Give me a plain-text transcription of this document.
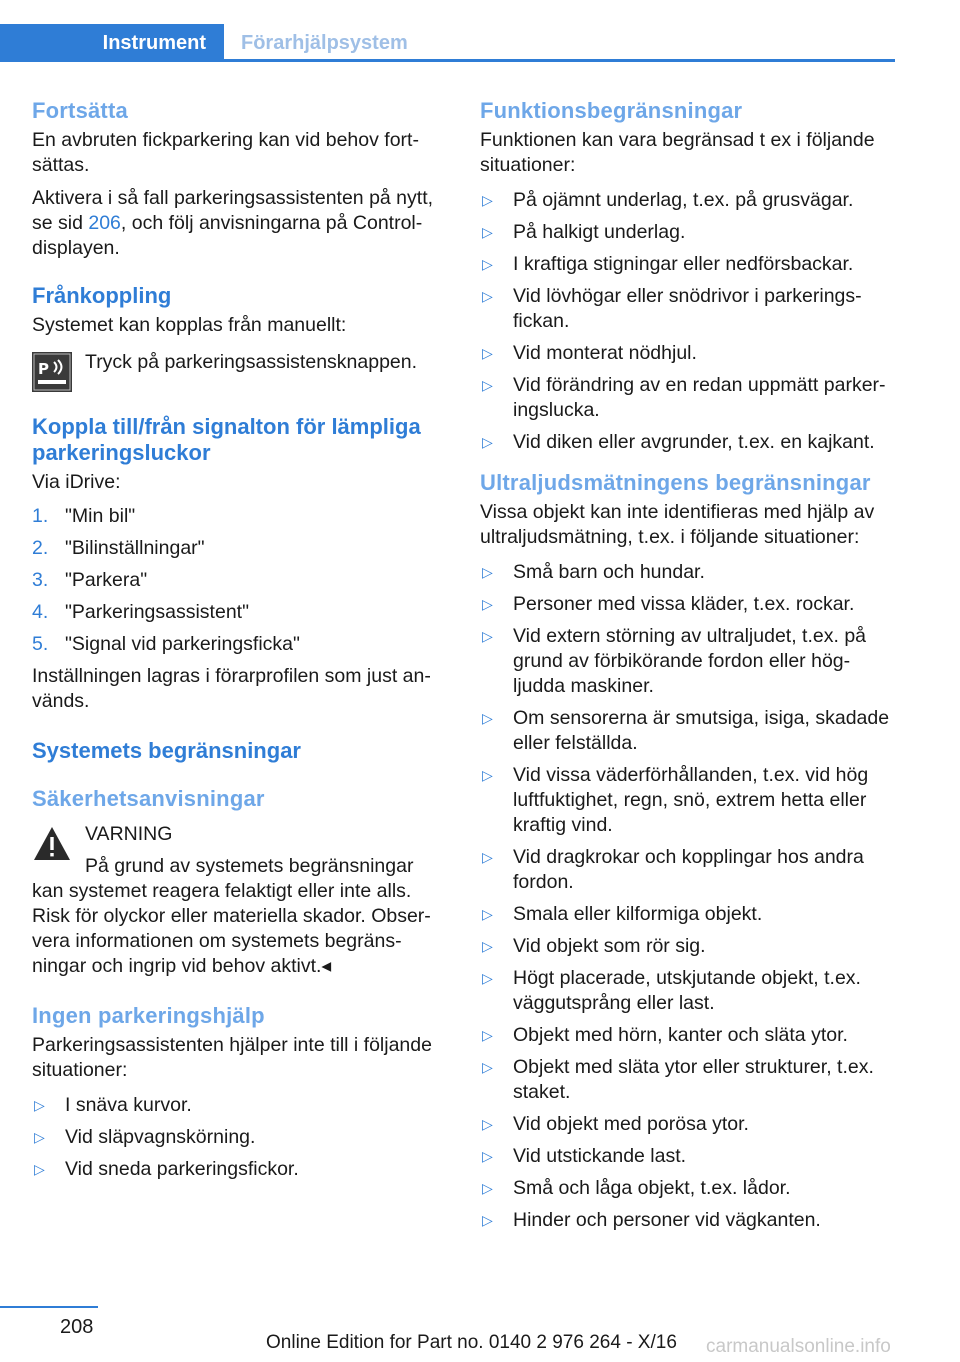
Instrument	Förarhjälpsystem
Fortsätta
En avbruten fickparkering kan vid behov fort-sättas.
Aktivera i så fall parkeringsassistenten på nytt, se sid 206, och följ anvisningarna på Control-displayen.
Frånkoppling
Systemet kan kopplas från manuellt:
P Tryck på parkeringsassistensknappen.
Koppla till/från signalton för lämpliga parkeringsluckor
Via iDrive:
1. "Min bil"
2. "Bilinställningar"
3. "Parkera"
4. "Parkeringsassistent"
5. "Signal vid parkeringsficka"
Inställningen lagras i förarprofilen som just an-vänds.
Systemets begränsningar
Säkerhetsanvisningar
VARNING
På grund av systemets begränsningar
kan systemet reagera felaktigt eller inte alls. Risk för olyckor eller materiella skador. Obser-vera informationen om systemets begräns-ningar och ingrip vid behov aktivt.◂
Ingen parkeringshjälp
Parkeringsassistenten hjälper inte till i följande situationer:
▷	I snäva kurvor.
▷	Vid släpvagnskörning.
▷	Vid sneda parkeringsfickor.
Funktionsbegränsningar
Funktionen kan vara begränsad t ex i följande situationer:
▷	På ojämnt underlag, t.ex. på grusvägar.
▷	På halkigt underlag.
▷	I kraftiga stigningar eller nedförsbackar.
▷	Vid lövhögar eller snödrivor i parkerings-fickan.
▷	Vid monterat nödhjul.
▷	Vid förändring av en redan uppmätt parker-ingslucka.
▷	Vid diken eller avgrunder, t.ex. en kajkant.
Ultraljudsmätningens begränsningar
Vissa objekt kan inte identifieras med hjälp av ultraljudsmätning, t.ex. i följande situationer:
▷	Små barn och hundar.
▷	Personer med vissa kläder, t.ex. rockar.
▷	Vid extern störning av ultraljudet, t.ex. på grund av förbikörande fordon eller hög-ljudda maskiner.
▷	Om sensorerna är smutsiga, isiga, skadade eller felställda.
▷	Vid vissa väderförhållanden, t.ex. vid hög luftfuktighet, regn, snö, extrem hetta eller kraftig vind.
▷	Vid dragkrokar och kopplingar hos andra fordon.
▷	Smala eller kilformiga objekt.
▷	Vid objekt som rör sig.
▷	Högt placerade, utskjutande objekt, t.ex. väggutsprång eller last.
▷	Objekt med hörn, kanter och släta ytor.
▷	Objekt med släta ytor eller strukturer, t.ex. staket.
▷	Vid objekt med porösa ytor.
▷	Vid utstickande last.
▷	Små och låga objekt, t.ex. lådor.
▷	Hinder och personer vid vägkanten.
208
Online Edition for Part no. 0140 2 976 264 - X/16 carmanualsonline.info
